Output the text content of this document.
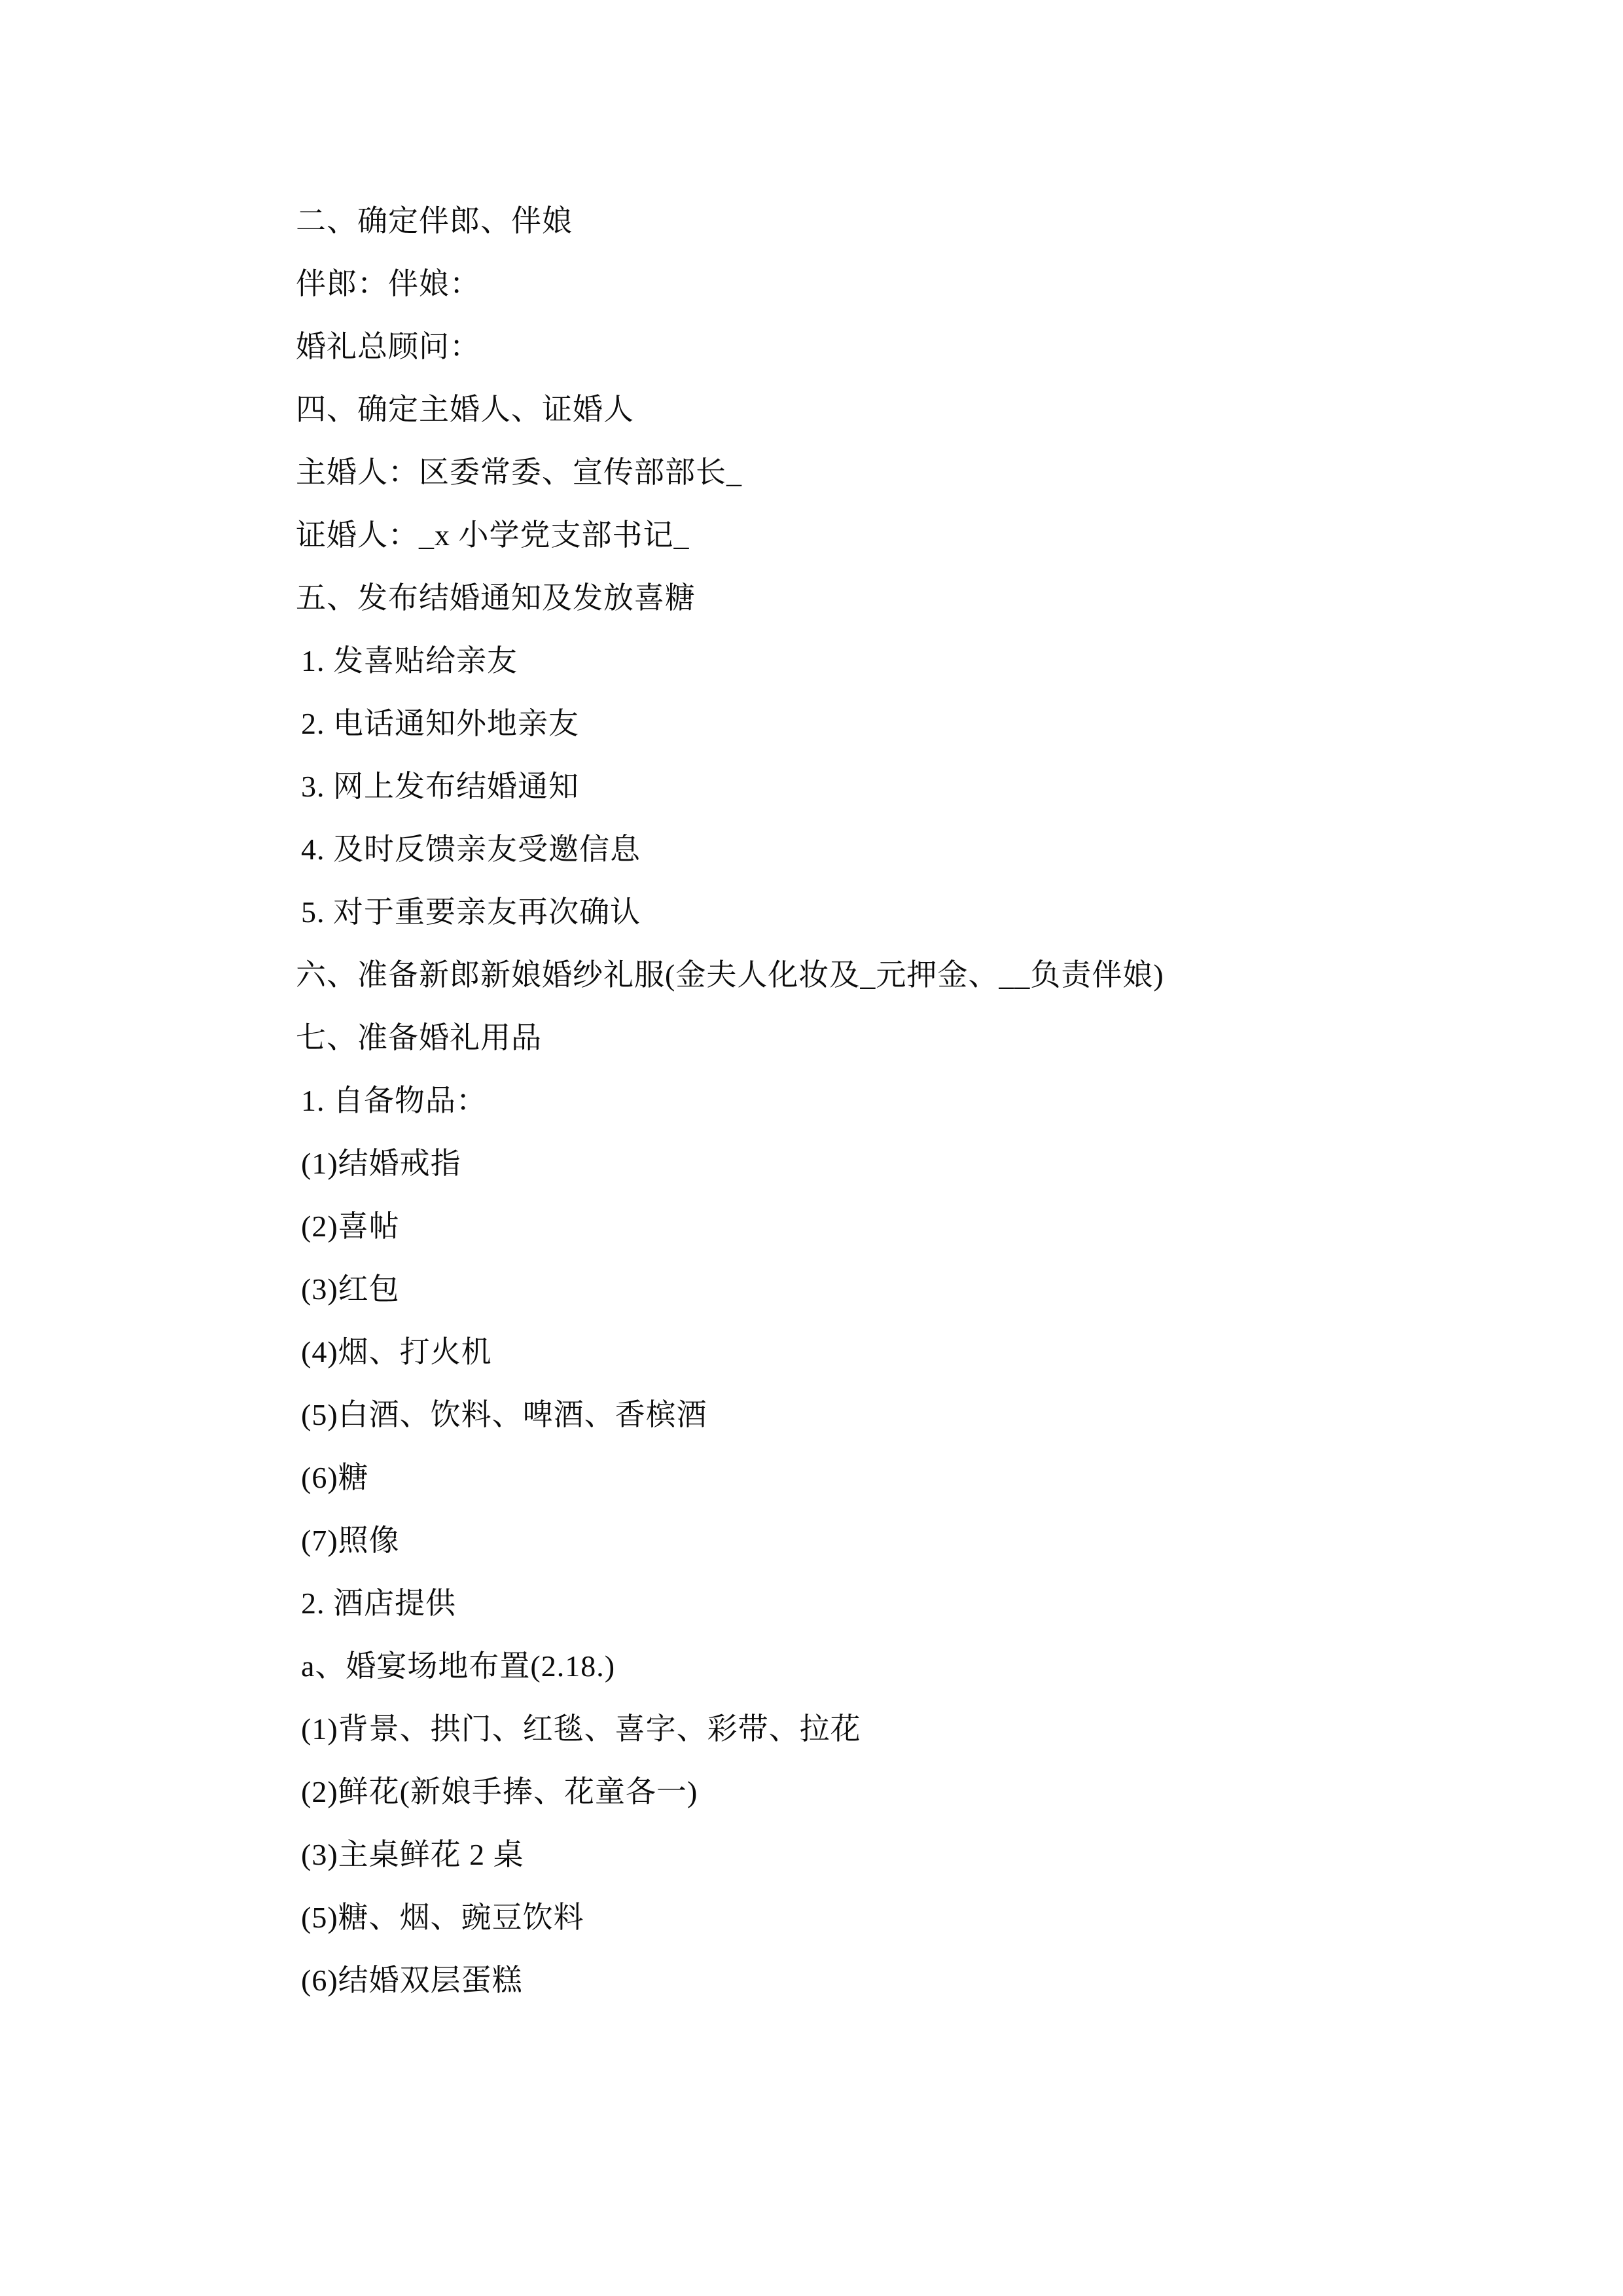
二、确定伴郎、伴娘
伴郎：伴娘：
婚礼总顾问：
四、确定主婚人、证婚人
主婚人：区委常委、宣传部部长_
证婚人：_x 小学党支部书记_
五、发布结婚通知及发放喜糖
1. 发喜贴给亲友
2. 电话通知外地亲友
3. 网上发布结婚通知
4. 及时反馈亲友受邀信息
5. 对于重要亲友再次确认
六、准备新郎新娘婚纱礼服(金夫人化妆及_元押金、__负责伴娘)
七、准备婚礼用品
1. 自备物品：
(1)结婚戒指
(2)喜帖
(3)红包
(4)烟、打火机
(5)白酒、饮料、啤酒、香槟酒
(6)糖
(7)照像
2. 酒店提供
a、婚宴场地布置(2.18.)
(1)背景、拱门、红毯、喜字、彩带、拉花
(2)鲜花(新娘手捧、花童各一)
(3)主桌鲜花 2 桌
(5)糖、烟、豌豆饮料
(6)结婚双层蛋糕
